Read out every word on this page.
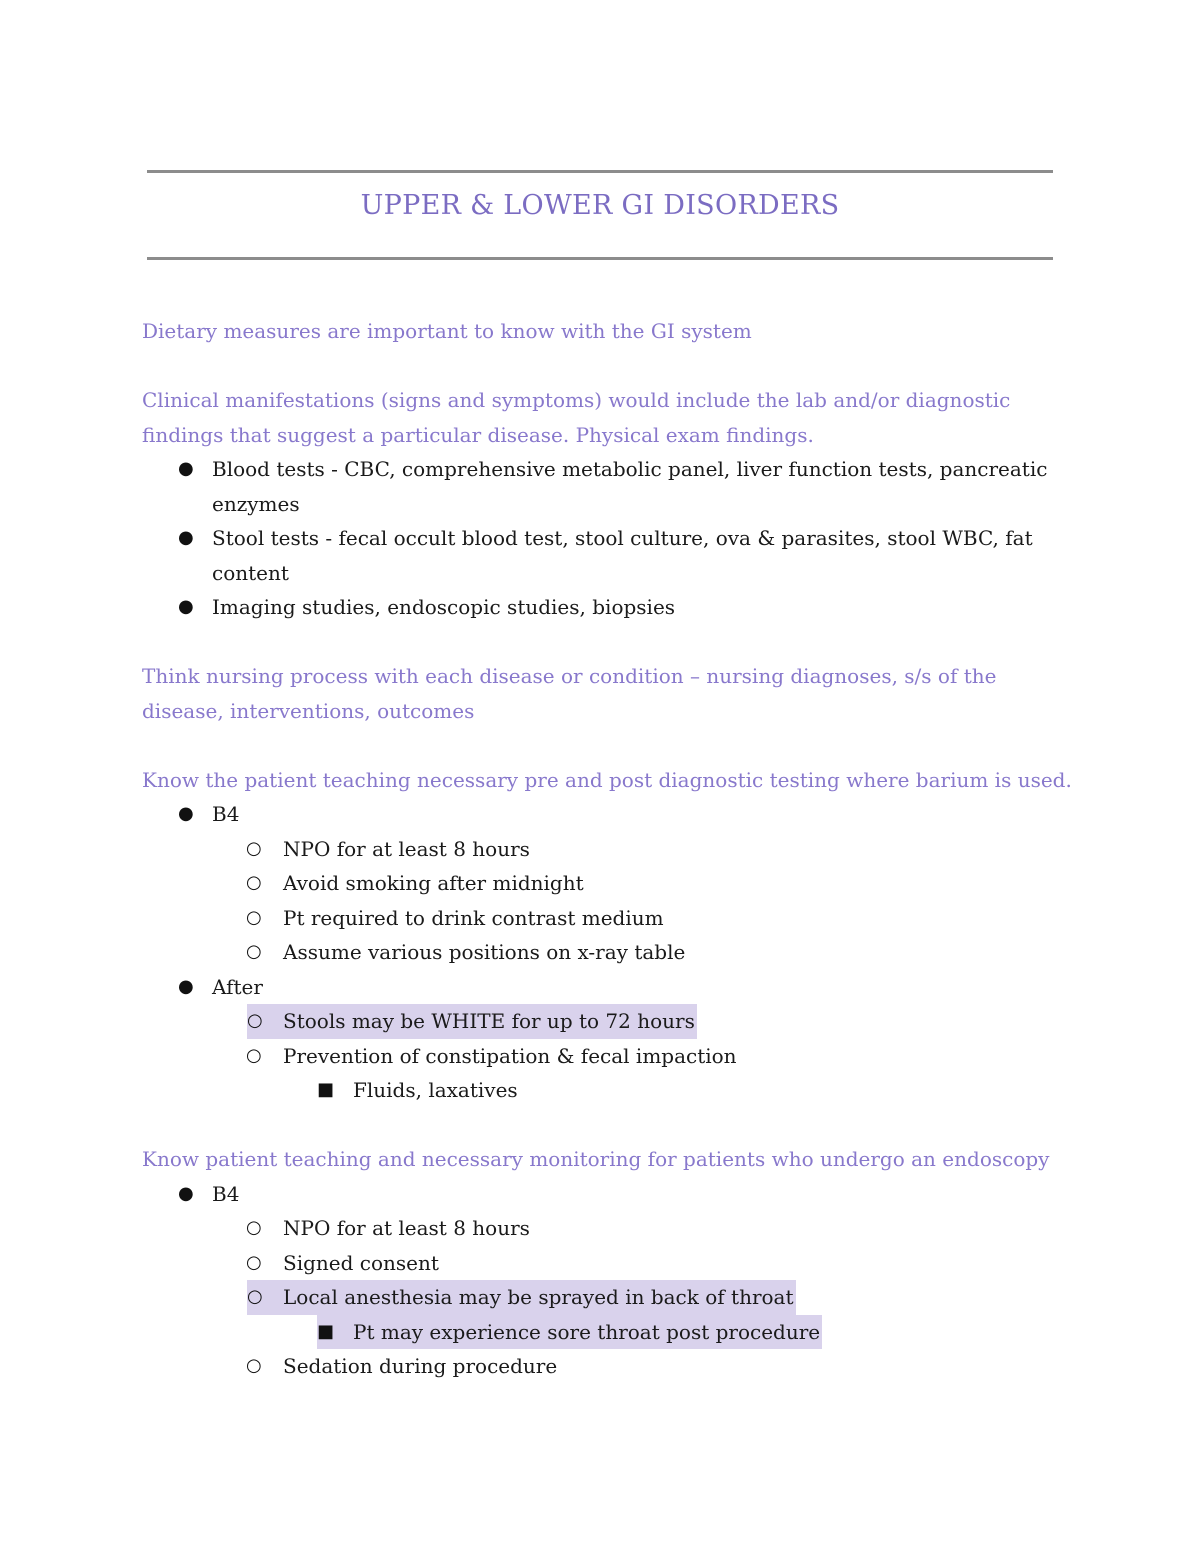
UPPER & LOWER GI DISORDERS

Dietary measures are important to know with the GI system

Clinical manifestations (signs and symptoms) would include the lab and/or diagnostic findings that suggest a particular disease. Physical exam findings.

● Blood tests - CBC, comprehensive metabolic panel, liver function tests, pancreatic enzymes
● Stool tests - fecal occult blood test, stool culture, ova & parasites, stool WBC, fat content
● Imaging studies, endoscopic studies, biopsies

Think nursing process with each disease or condition – nursing diagnoses, s/s of the disease, interventions, outcomes

Know the patient teaching necessary pre and post diagnostic testing where barium is used.

● B4
○ NPO for at least 8 hours
○ Avoid smoking after midnight
○ Pt required to drink contrast medium
○ Assume various positions on x-ray table
● After
○ Stools may be WHITE for up to 72 hours
○ Prevention of constipation & fecal impaction
■ Fluids, laxatives

Know patient teaching and necessary monitoring for patients who undergo an endoscopy

● B4
○ NPO for at least 8 hours
○ Signed consent
○ Local anesthesia may be sprayed in back of throat
■ Pt may experience sore throat post procedure
○ Sedation during procedure
